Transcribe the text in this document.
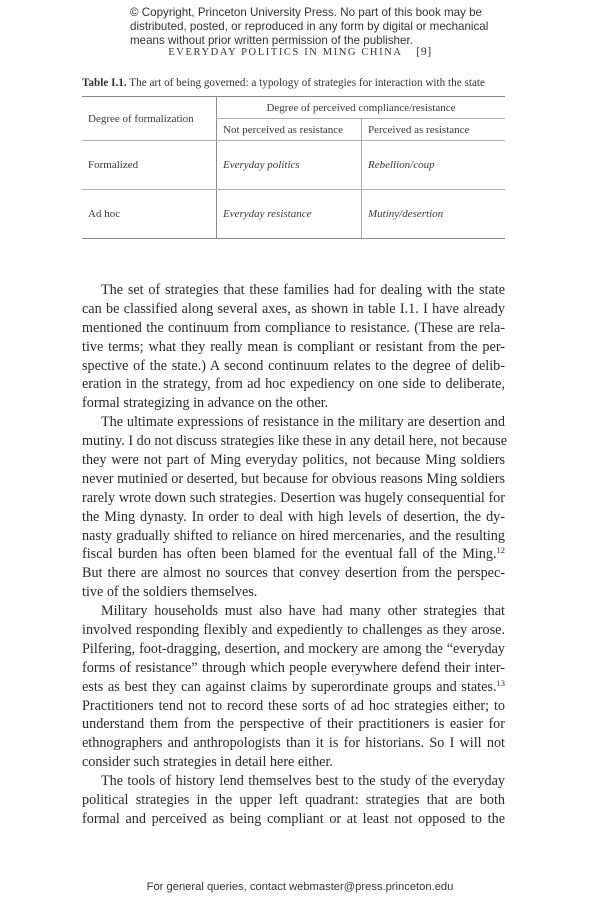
© Copyright, Princeton University Press. No part of this book may be
distributed, posted, or reproduced in any form by digital or mechanical
means without prior written permission of the publisher.
EVERYDAY POLITICS IN MING CHINA [9]
Table I.1. The art of being governed: a typology of strategies for interaction with the state
Degree of formalization	Degree of perceived compliance/resistance	
	Not perceived as resistance	Perceived as resistance
Formalized	Everyday politics	Rebellion/coup
Ad hoc	Everyday resistance	Mutiny/desertion
The set of strategies that these families had for dealing with the state
can be classified along several axes, as shown in table I.1. I have already
mentioned the continuum from compliance to resistance. (These are rela-
tive terms; what they really mean is compliant or resistant from the per-
spective of the state.) A second continuum relates to the degree of delib-
eration in the strategy, from ad hoc expediency on one side to deliberate,
formal strategizing in advance on the other.
The ultimate expressions of resistance in the military are desertion and
mutiny. I do not discuss strategies like these in any detail here, not because
they were not part of Ming everyday politics, not because Ming soldiers
never mutinied or deserted, but because for obvious reasons Ming soldiers
rarely wrote down such strategies. Desertion was hugely consequential for
the Ming dynasty. In order to deal with high levels of desertion, the dy-
nasty gradually shifted to reliance on hired mercenaries, and the resulting
fiscal burden has often been blamed for the eventual fall of the Ming.$^{12}$
But there are almost no sources that convey desertion from the perspec-
tive of the soldiers themselves.
Military households must also have had many other strategies that
involved responding flexibly and expediently to challenges as they arose.
Pilfering, foot-dragging, desertion, and mockery are among the “everyday
forms of resistance” through which people everywhere defend their inter-
ests as best they can against claims by superordinate groups and states.$^{13}$
Practitioners tend not to record these sorts of ad hoc strategies either; to
understand them from the perspective of their practitioners is easier for
ethnographers and anthropologists than it is for historians. So I will not
consider such strategies in detail here either.
The tools of history lend themselves best to the study of the everyday
political strategies in the upper left quadrant: strategies that are both
formal and perceived as being compliant or at least not opposed to the
For general queries, contact webmaster@press.princeton.edu
